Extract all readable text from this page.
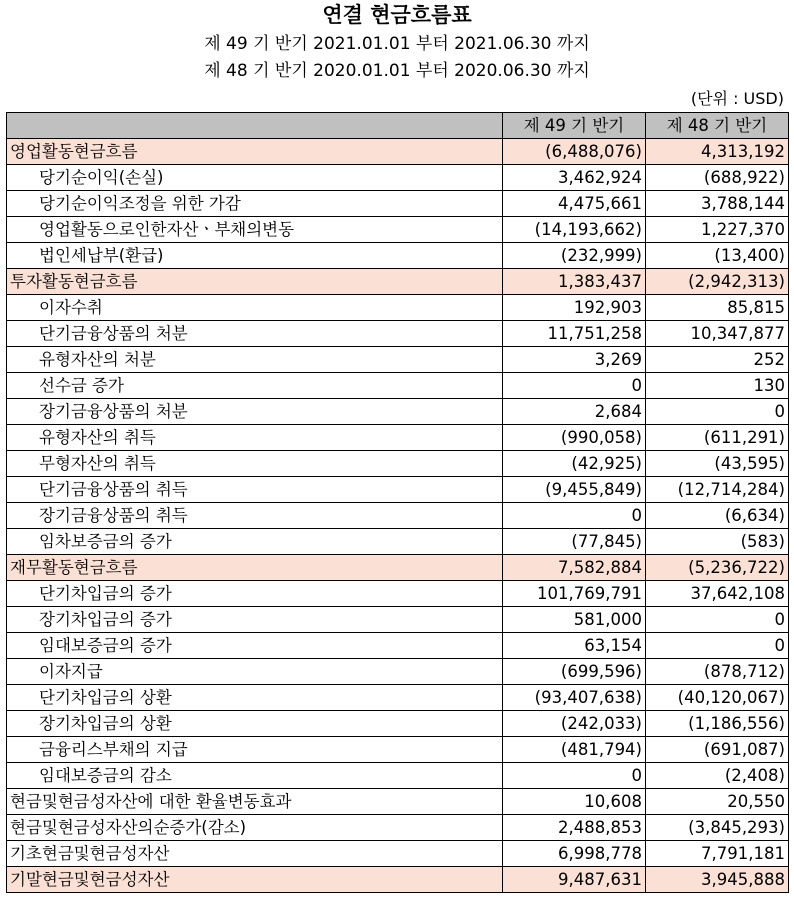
연결 현금흐름표
제 49 기 반기 2021.01.01 부터 2021.06.30 까지
제 48 기 반기 2020.01.01 부터 2020.06.30 까지
(단위 : USD)
	제 49 기 반기	제 48 기 반기
영업활동현금흐름	(6,488,076)	4,313,192
당기순이익(손실)	3,462,924	(688,922)
당기순이익조정을 위한 가감	4,475,661	3,788,144
영업활동으로인한자산ㆍ부채의변동	(14,193,662)	1,227,370
법인세납부(환급)	(232,999)	(13,400)
투자활동현금흐름	1,383,437	(2,942,313)
이자수취	192,903	85,815
단기금융상품의 처분	11,751,258	10,347,877
유형자산의 처분	3,269	252
선수금 증가	0	130
장기금융상품의 처분	2,684	0
유형자산의 취득	(990,058)	(611,291)
무형자산의 취득	(42,925)	(43,595)
단기금융상품의 취득	(9,455,849)	(12,714,284)
장기금융상품의 취득	0	(6,634)
임차보증금의 증가	(77,845)	(583)
재무활동현금흐름	7,582,884	(5,236,722)
단기차입금의 증가	101,769,791	37,642,108
장기차입금의 증가	581,000	0
임대보증금의 증가	63,154	0
이자지급	(699,596)	(878,712)
단기차입금의 상환	(93,407,638)	(40,120,067)
장기차입금의 상환	(242,033)	(1,186,556)
금융리스부채의 지급	(481,794)	(691,087)
임대보증금의 감소	0	(2,408)
현금및현금성자산에 대한 환율변동효과	10,608	20,550
현금및현금성자산의순증가(감소)	2,488,853	(3,845,293)
기초현금및현금성자산	6,998,778	7,791,181
기말현금및현금성자산	9,487,631	3,945,888
